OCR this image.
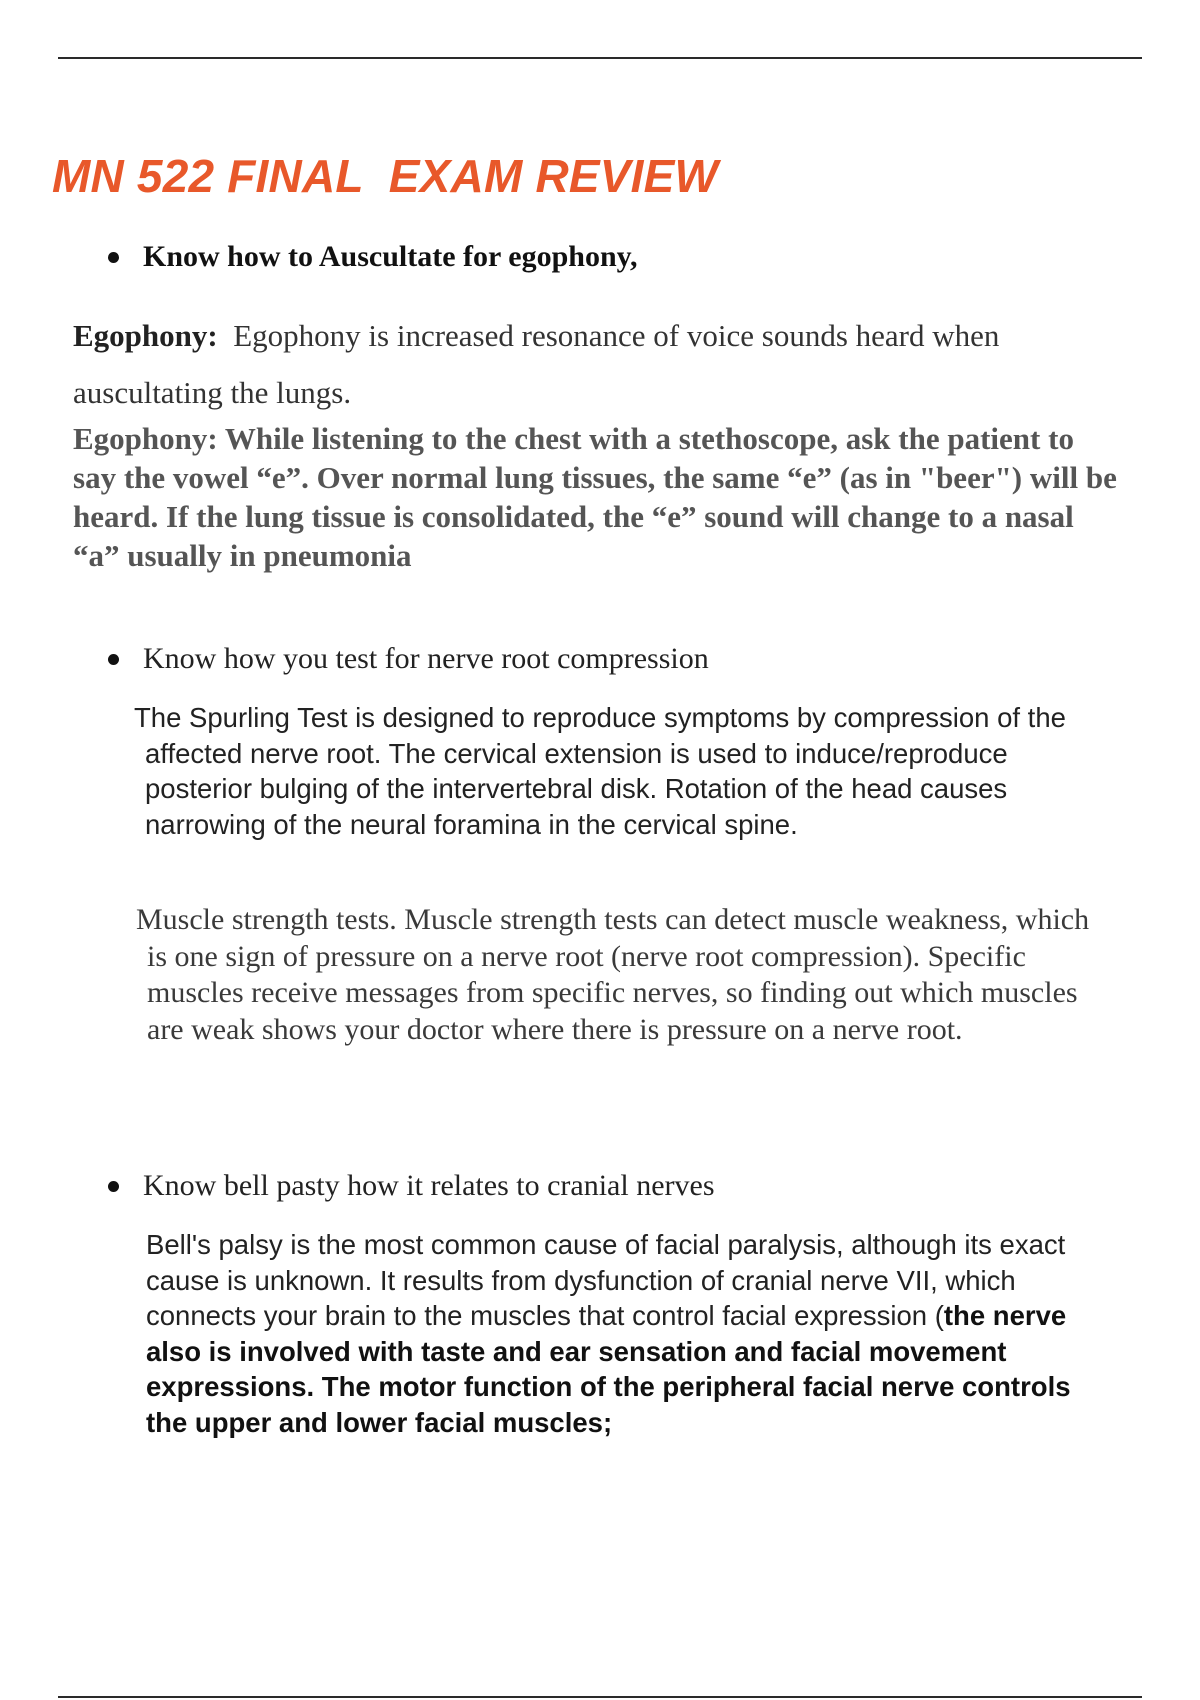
MN 522 FINAL  EXAM REVIEW
Know how to Auscultate for egophony,

Egophony: Egophony is increased resonance of voice sounds heard when auscultating the lungs.

Egophony: While listening to the chest with a stethoscope, ask the patient to say the vowel “e”. Over normal lung tissues, the same “e” (as in "beer") will be heard. If the lung tissue is consolidated, the “e” sound will change to a nasal “a” usually in pneumonia

Know how you test for nerve root compression

The Spurling Test is designed to reproduce symptoms by compression of the affected nerve root. The cervical extension is used to induce/reproduce posterior bulging of the intervertebral disk. Rotation of the head causes narrowing of the neural foramina in the cervical spine.

Muscle strength tests. Muscle strength tests can detect muscle weakness, which is one sign of pressure on a nerve root (nerve root compression). Specific muscles receive messages from specific nerves, so finding out which muscles are weak shows your doctor where there is pressure on a nerve root.

Know bell pasty how it relates to cranial nerves

Bell's palsy is the most common cause of facial paralysis, although its exact cause is unknown. It results from dysfunction of cranial nerve VII, which connects your brain to the muscles that control facial expression (the nerve also is involved with taste and ear sensation and facial movement expressions. The motor function of the peripheral facial nerve controls the upper and lower facial muscles;
